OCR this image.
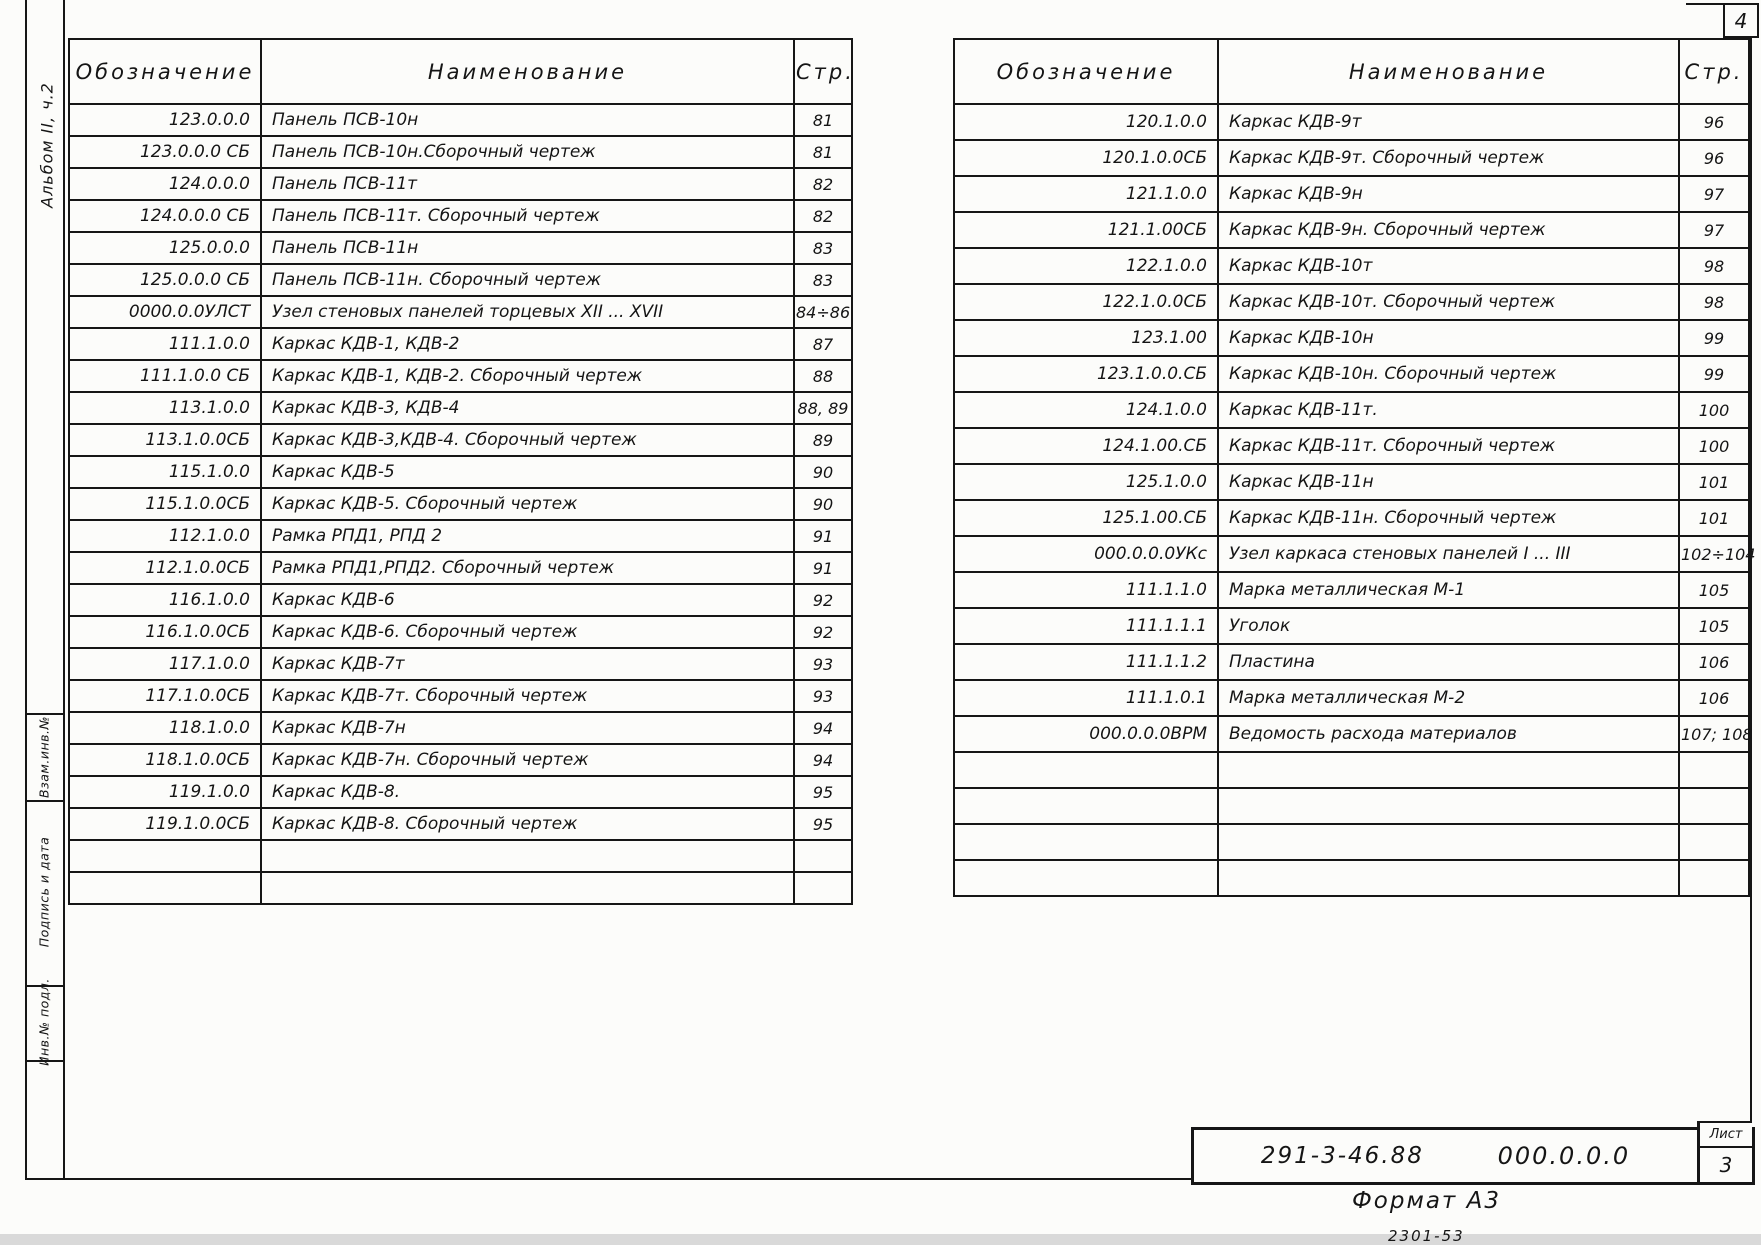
Альбом II, ч.2
Взам.инв.№
Подпись и дата
Инв.№ подл.
4
Обозначение	Наименование	Стр.
123.0.0.0	Панель ПСВ-10н	81
123.0.0.0 СБ	Панель ПСВ-10н.Сборочный чертеж	81
124.0.0.0	Панель ПСВ-11т	82
124.0.0.0 СБ	Панель ПСВ-11т. Сборочный чертеж	82
125.0.0.0	Панель ПСВ-11н	83
125.0.0.0 СБ	Панель ПСВ-11н. Сборочный чертеж	83
0000.0.0УЛСТ	Узел стеновых панелей торцевых XII ... XVII	84÷86
111.1.0.0	Каркас КДВ-1, КДВ-2	87
111.1.0.0 СБ	Каркас КДВ-1, КДВ-2. Сборочный чертеж	88
113.1.0.0	Каркас КДВ-3, КДВ-4	88, 89
113.1.0.0СБ	Каркас КДВ-3,КДВ-4. Сборочный чертеж	89
115.1.0.0	Каркас КДВ-5	90
115.1.0.0СБ	Каркас КДВ-5. Сборочный чертеж	90
112.1.0.0	Рамка РПД1, РПД 2	91
112.1.0.0СБ	Рамка РПД1,РПД2. Сборочный чертеж	91
116.1.0.0	Каркас КДВ-6	92
116.1.0.0СБ	Каркас КДВ-6. Сборочный чертеж	92
117.1.0.0	Каркас КДВ-7т	93
117.1.0.0СБ	Каркас КДВ-7т. Сборочный чертеж	93
118.1.0.0	Каркас КДВ-7н	94
118.1.0.0СБ	Каркас КДВ-7н. Сборочный чертеж	94
119.1.0.0	Каркас КДВ-8.	95
119.1.0.0СБ	Каркас КДВ-8. Сборочный чертеж	95

Обозначение	Наименование	Стр.
120.1.0.0	Каркас КДВ-9т	96
120.1.0.0СБ	Каркас КДВ-9т. Сборочный чертеж	96
121.1.0.0	Каркас КДВ-9н	97
121.1.00СБ	Каркас КДВ-9н. Сборочный чертеж	97
122.1.0.0	Каркас КДВ-10т	98
122.1.0.0СБ	Каркас КДВ-10т. Сборочный чертеж	98
123.1.00	Каркас КДВ-10н	99
123.1.0.0.СБ	Каркас КДВ-10н. Сборочный чертеж	99
124.1.0.0	Каркас КДВ-11т.	100
124.1.00.СБ	Каркас КДВ-11т. Сборочный чертеж	100
125.1.0.0	Каркас КДВ-11н	101
125.1.00.СБ	Каркас КДВ-11н. Сборочный чертеж	101
000.0.0.0УКс	Узел каркаса стеновых панелей I ... III	102÷104
111.1.1.0	Марка металлическая М-1	105
111.1.1.1	Уголок	105
111.1.1.2	Пластина	106
111.1.0.1	Марка металлическая М-2	106
000.0.0.0ВРМ	Ведомость расхода материалов	107; 108

291-3-46.88	000.0.0.0
Лист
3
Формат А3
2301-53
